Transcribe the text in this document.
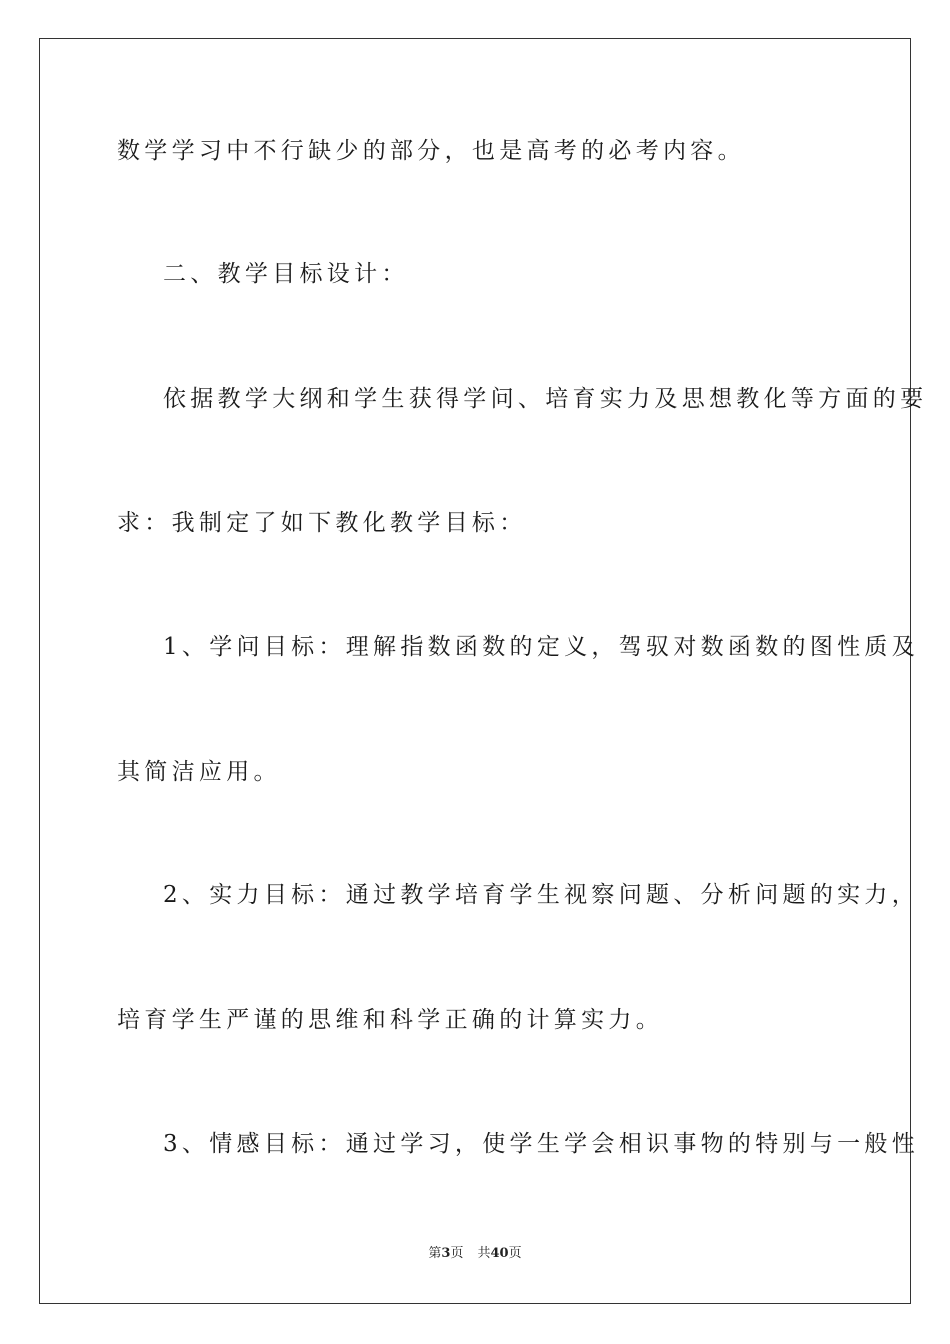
数学学习中不行缺少的部分，也是高考的必考内容。
二、教学目标设计：
依据教学大纲和学生获得学问、培育实力及思想教化等方面的要
求：我制定了如下教化教学目标：
1、学问目标：理解指数函数的定义，驾驭对数函数的图性质及
其简洁应用。
2、实力目标：通过教学培育学生视察问题、分析问题的实力，
培育学生严谨的思维和科学正确的计算实力。
3、情感目标：通过学习，使学生学会相识事物的特别与一般性
第3页 共40页
